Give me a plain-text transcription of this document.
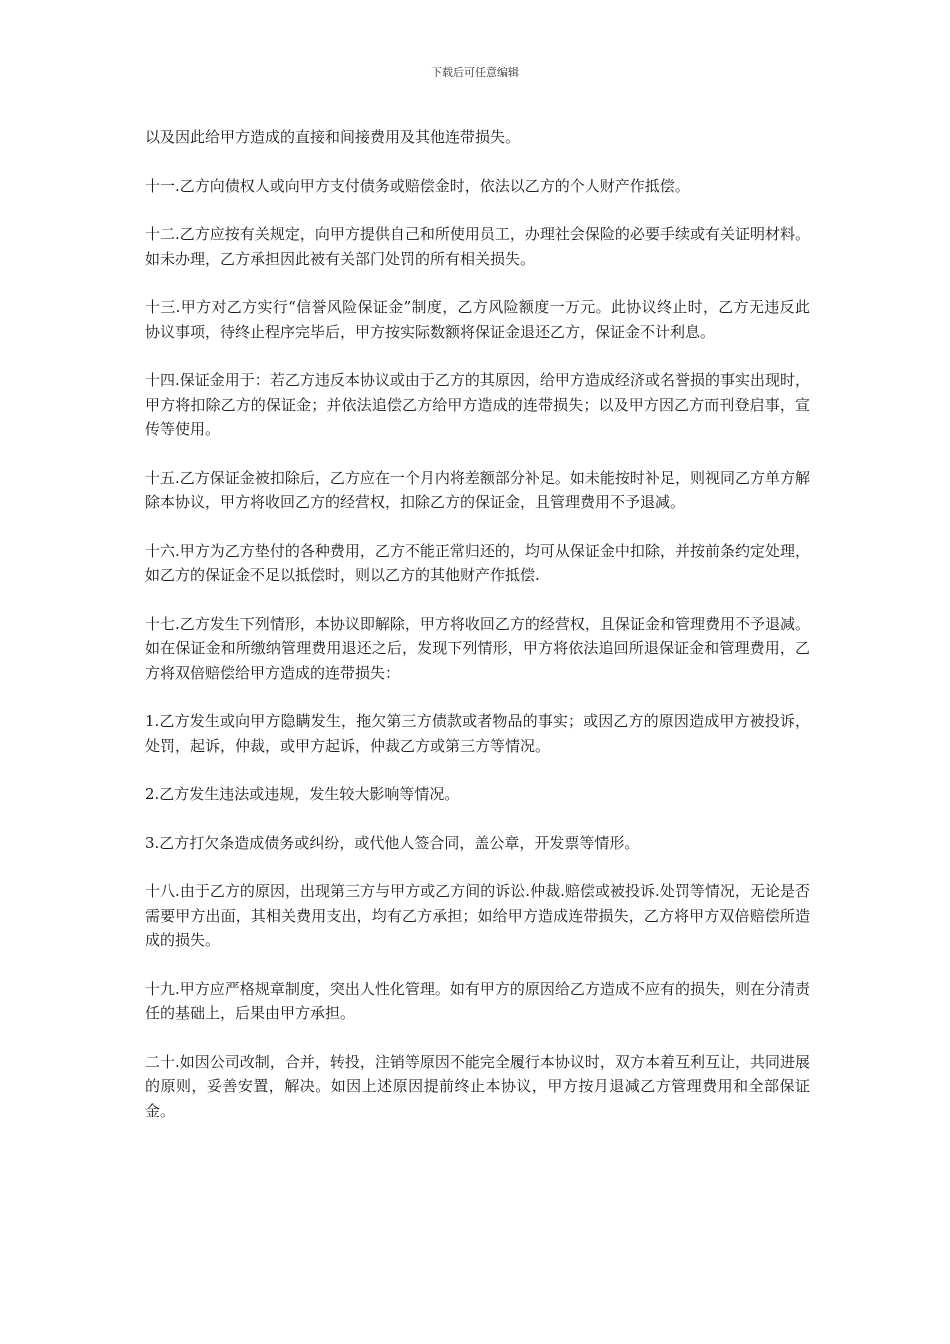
下载后可任意编辑

以及因此给甲方造成的直接和间接费用及其他连带损失。

十一.乙方向债权人或向甲方支付债务或赔偿金时，依法以乙方的个人财产作抵偿。

十二.乙方应按有关规定，向甲方提供自己和所使用员工，办理社会保险的必要手续或有关证明材料。如未办理，乙方承担因此被有关部门处罚的所有相关损失。

十三.甲方对乙方实行“信誉风险保证金”制度，乙方风险额度一万元。此协议终止时，乙方无违反此协议事项，待终止程序完毕后，甲方按实际数额将保证金退还乙方，保证金不计利息。

十四.保证金用于：若乙方违反本协议或由于乙方的其原因，给甲方造成经济或名誉损的事实出现时，甲方将扣除乙方的保证金；并依法追偿乙方给甲方造成的连带损失；以及甲方因乙方而刊登启事，宣传等使用。

十五.乙方保证金被扣除后，乙方应在一个月内将差额部分补足。如未能按时补足，则视同乙方单方解除本协议，甲方将收回乙方的经营权，扣除乙方的保证金，且管理费用不予退减。

十六.甲方为乙方垫付的各种费用，乙方不能正常归还的，均可从保证金中扣除，并按前条约定处理，如乙方的保证金不足以抵偿时，则以乙方的其他财产作抵偿.

十七.乙方发生下列情形，本协议即解除，甲方将收回乙方的经营权，且保证金和管理费用不予退减。如在保证金和所缴纳管理费用退还之后，发现下列情形，甲方将依法追回所退保证金和管理费用，乙方将双倍赔偿给甲方造成的连带损失：

1.乙方发生或向甲方隐瞒发生，拖欠第三方债款或者物品的事实；或因乙方的原因造成甲方被投诉，处罚，起诉，仲裁，或甲方起诉，仲裁乙方或第三方等情况。

2.乙方发生违法或违规，发生较大影响等情况。

3.乙方打欠条造成债务或纠纷，或代他人签合同，盖公章，开发票等情形。

十八.由于乙方的原因，出现第三方与甲方或乙方间的诉讼.仲裁.赔偿或被投诉.处罚等情况，无论是否需要甲方出面，其相关费用支出，均有乙方承担；如给甲方造成连带损失，乙方将甲方双倍赔偿所造成的损失。

十九.甲方应严格规章制度，突出人性化管理。如有甲方的原因给乙方造成不应有的损失，则在分清责任的基础上，后果由甲方承担。

二十.如因公司改制，合并，转投，注销等原因不能完全履行本协议时，双方本着互利互让，共同进展的原则，妥善安置，解决。如因上述原因提前终止本协议，甲方按月退减乙方管理费用和全部保证金。
